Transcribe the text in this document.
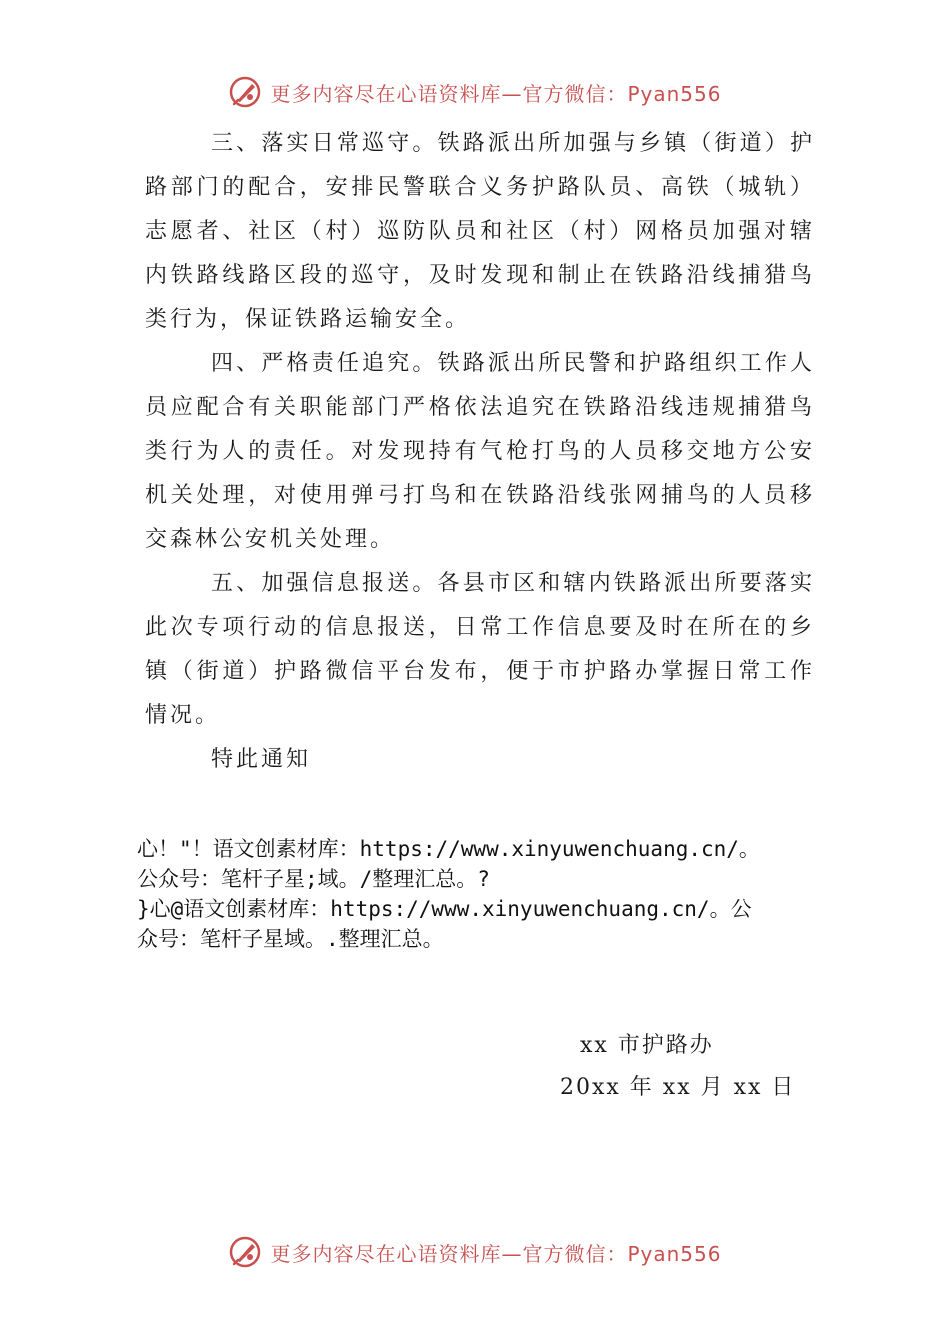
更多内容尽在心语资料库—官方微信：Pyan556

三、落实日常巡守。铁路派出所加强与乡镇（街道）护路部门的配合，安排民警联合义务护路队员、高铁（城轨）志愿者、社区（村）巡防队员和社区（村）网格员加强对辖内铁路线路区段的巡守，及时发现和制止在铁路沿线捕猎鸟类行为，保证铁路运输安全。

四、严格责任追究。铁路派出所民警和护路组织工作人员应配合有关职能部门严格依法追究在铁路沿线违规捕猎鸟类行为人的责任。对发现持有气枪打鸟的人员移交地方公安机关处理，对使用弹弓打鸟和在铁路沿线张网捕鸟的人员移交森林公安机关处理。

五、加强信息报送。各县市区和辖内铁路派出所要落实此次专项行动的信息报送，日常工作信息要及时在所在的乡镇（街道）护路微信平台发布，便于市护路办掌握日常工作情况。

特此通知

心！"！语文创素材库：https://www.xinyuwenchuang.cn/。
公众号：笔杆子星;域。/整理汇总。?
}心@语文创素材库：https://www.xinyuwenchuang.cn/。公
众号：笔杆子星域。.整理汇总。
xx 市护路办
20xx 年 xx 月 xx 日
更多内容尽在心语资料库—官方微信：Pyan556
